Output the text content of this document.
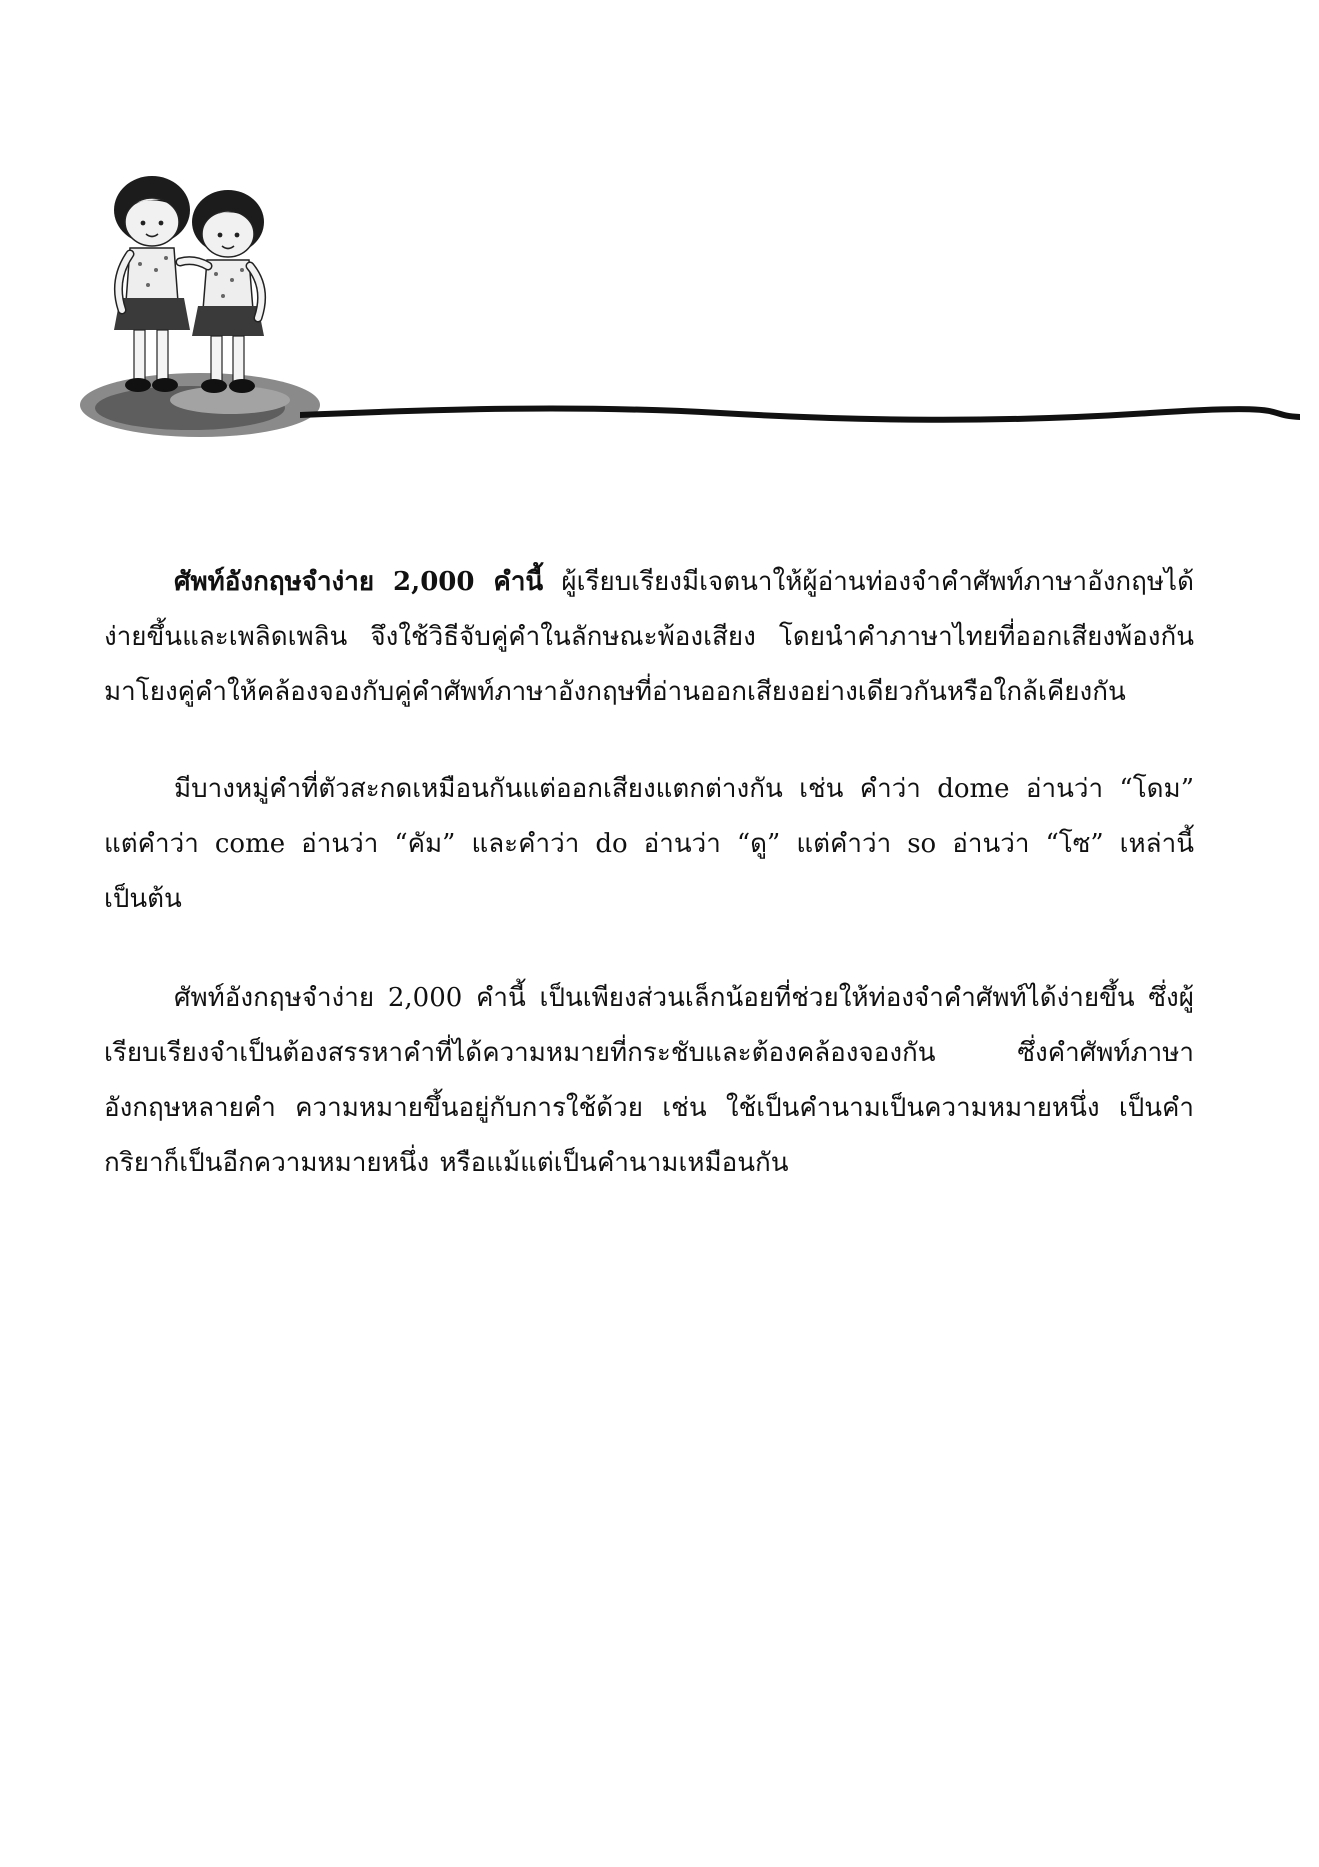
ศัพท์อังกฤษจำง่าย 2,000 คำนี้ ผู้เรียบเรียงมีเจตนาให้ผู้อ่านท่องจำคำศัพท์ภาษาอังกฤษได้ง่ายขึ้นและเพลิดเพลิน จึงใช้วิธีจับคู่คำในลักษณะพ้องเสียง โดยนำคำภาษาไทยที่ออกเสียงพ้องกันมาโยงคู่คำให้คล้องจองกับคู่คำศัพท์ภาษาอังกฤษที่อ่านออกเสียงอย่างเดียวกันหรือใกล้เคียงกัน

มีบางหมู่คำที่ตัวสะกดเหมือนกันแต่ออกเสียงแตกต่างกัน เช่น คำว่า dome อ่านว่า “โดม” แต่คำว่า come อ่านว่า “คัม” และคำว่า do อ่านว่า “ดู” แต่คำว่า so อ่านว่า “โซ” เหล่านี้ เป็นต้น

ศัพท์อังกฤษจำง่าย 2,000 คำนี้ เป็นเพียงส่วนเล็กน้อยที่ช่วยให้ท่องจำคำศัพท์ได้ง่ายขึ้น ซึ่งผู้เรียบเรียงจำเป็นต้องสรรหาคำที่ได้ความหมายที่กระชับและต้องคล้องจองกัน ซึ่งคำศัพท์ภาษาอังกฤษหลายคำ ความหมายขึ้นอยู่กับการใช้ด้วย เช่น ใช้เป็นคำนามเป็นความหมายหนึ่ง เป็นคำกริยาก็เป็นอีกความหมายหนึ่ง หรือแม้แต่เป็นคำนามเหมือนกัน
